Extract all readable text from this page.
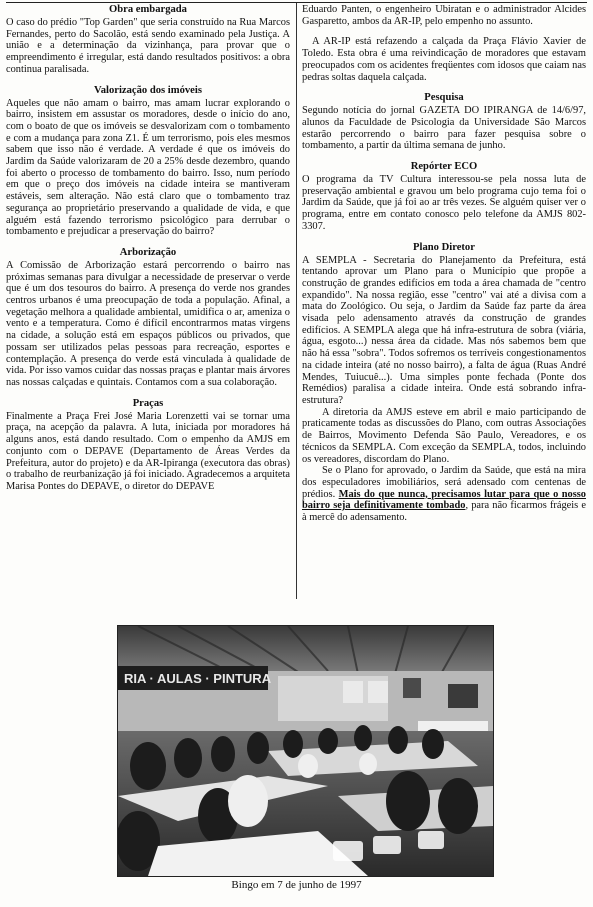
Obra embargada

O caso do prédio "Top Garden" que seria construído na Rua Marcos Fernandes, perto do Sacolão, está sendo examinado pela Justiça. A união e a determinação da vizinhança, para provar que o empreendimento é irregular, está dando resultados positivos: a obra continua paralisada.

Valorização dos imóveis

Aqueles que não amam o bairro, mas amam lucrar explorando o bairro, insistem em assustar os moradores, desde o início do ano, com o boato de que os imóveis se desvalorizam com o tombamento e com a mudança para zona Z1. É um terrorismo, pois eles mesmos sabem que isso não é verdade. A verdade é que os imóveis do Jardim da Saúde valorizaram de 20 a 25% desde dezembro, quando foi aberto o processo de tombamento do bairro. Isso, num período em que o preço dos imóveis na cidade inteira se mantiveram estáveis, sem alteração. Não está claro que o tombamento traz segurança ao proprietário preservando a qualidade de vida, e que alguém está fazendo terrorismo psicológico para derrubar o tombamento e prejudicar a preservação do bairro?

Arborização

A Comissão de Arborização estará percorrendo o bairro nas próximas semanas para divulgar a necessidade de preservar o verde que é um dos tesouros do bairro. A presença do verde nos grandes centros urbanos é uma preocupação de toda a população. Afinal, a vegetação melhora a qualidade ambiental, umidifica o ar, ameniza o vento e a temperatura. Como é difícil encontrarmos matas virgens na cidade, a solução está em espaços públicos ou privados, que possam ser utilizados pelas pessoas para recreação, esportes e contemplação. A presença do verde está vinculada à qualidade de vida. Por isso vamos cuidar das nossas praças e plantar mais árvores nas nossas calçadas e quintais. Contamos com a sua colaboração.

Praças

Finalmente a Praça Frei José Maria Lorenzetti vai se tornar uma praça, na acepção da palavra. A luta, iniciada por moradores há alguns anos, está dando resultado. Com o empenho da AMJS em conjunto com o DEPAVE (Departamento de Áreas Verdes da Prefeitura, autor do projeto) e da AR-Ipiranga (executora das obras) o trabalho de reurbanização já foi iniciado. Agradecemos a arquiteta Marisa Pontes do DEPAVE, o diretor do DEPAVE

Eduardo Panten, o engenheiro Ubiratan e o administrador Alcides Gasparetto, ambos da AR-IP, pelo empenho no assunto.

A AR-IP está refazendo a calçada da Praça Flávio Xavier de Toledo. Esta obra é uma reivindicação de moradores que estavam preocupados com os acidentes freqüentes com idosos que caiam nas pedras soltas daquela calçada.

Pesquisa

Segundo notícia do jornal GAZETA DO IPIRANGA de 14/6/97, alunos da Faculdade de Psicologia da Universidade São Marcos estarão percorrendo o bairro para fazer pesquisa sobre o tombamento, a partir da última semana de junho.

Repórter ECO

O programa da TV Cultura interessou-se pela nossa luta de preservação ambiental e gravou um belo programa cujo tema foi o Jardim da Saúde, que já foi ao ar três vezes. Se alguém quiser ver o programa, entre em contato conosco pelo telefone da AMJS 802-3307.

Plano Diretor

A SEMPLA - Secretaria do Planejamento da Prefeitura, está tentando aprovar um Plano para o Município que propõe a construção de grandes edifícios em toda a área chamada de "centro expandido". Na nossa região, esse "centro" vai até a divisa com a mata do Zoológico. Ou seja, o Jardim da Saúde faz parte da área visada pelo adensamento através da construção de grandes edifícios. A SEMPLA alega que há infra-estrutura de sobra (viária, água, esgoto...) nessa área da cidade. Mas nós sabemos bem que não há essa "sobra". Todos sofremos os terríveis congestionamentos na cidade inteira (até no nosso bairro), a falta de água (Ruas André Mendes, Tuiucuê...). Uma simples ponte fechada (Ponte dos Remédios) paralisa a cidade inteira. Onde está sobrando infra-estrutura?

A diretoria da AMJS esteve em abril e maio participando de praticamente todas as discussões do Plano, com outras Associações de Bairros, Movimento Defenda São Paulo, Vereadores, e os técnicos da SEMPLA. Com exceção da SEMPLA, todos, incluindo os vereadores, discordam do Plano.

Se o Plano for aprovado, o Jardim da Saúde, que está na mira dos especuladores imobiliários, será adensado com centenas de prédios. Mais do que nunca, precisamos lutar para que o nosso bairro seja definitivamente tombado, para não ficarmos frágeis e à mercê do adensamento.

RIA · AULAS · PINTURA
Bingo em 7 de junho de 1997
